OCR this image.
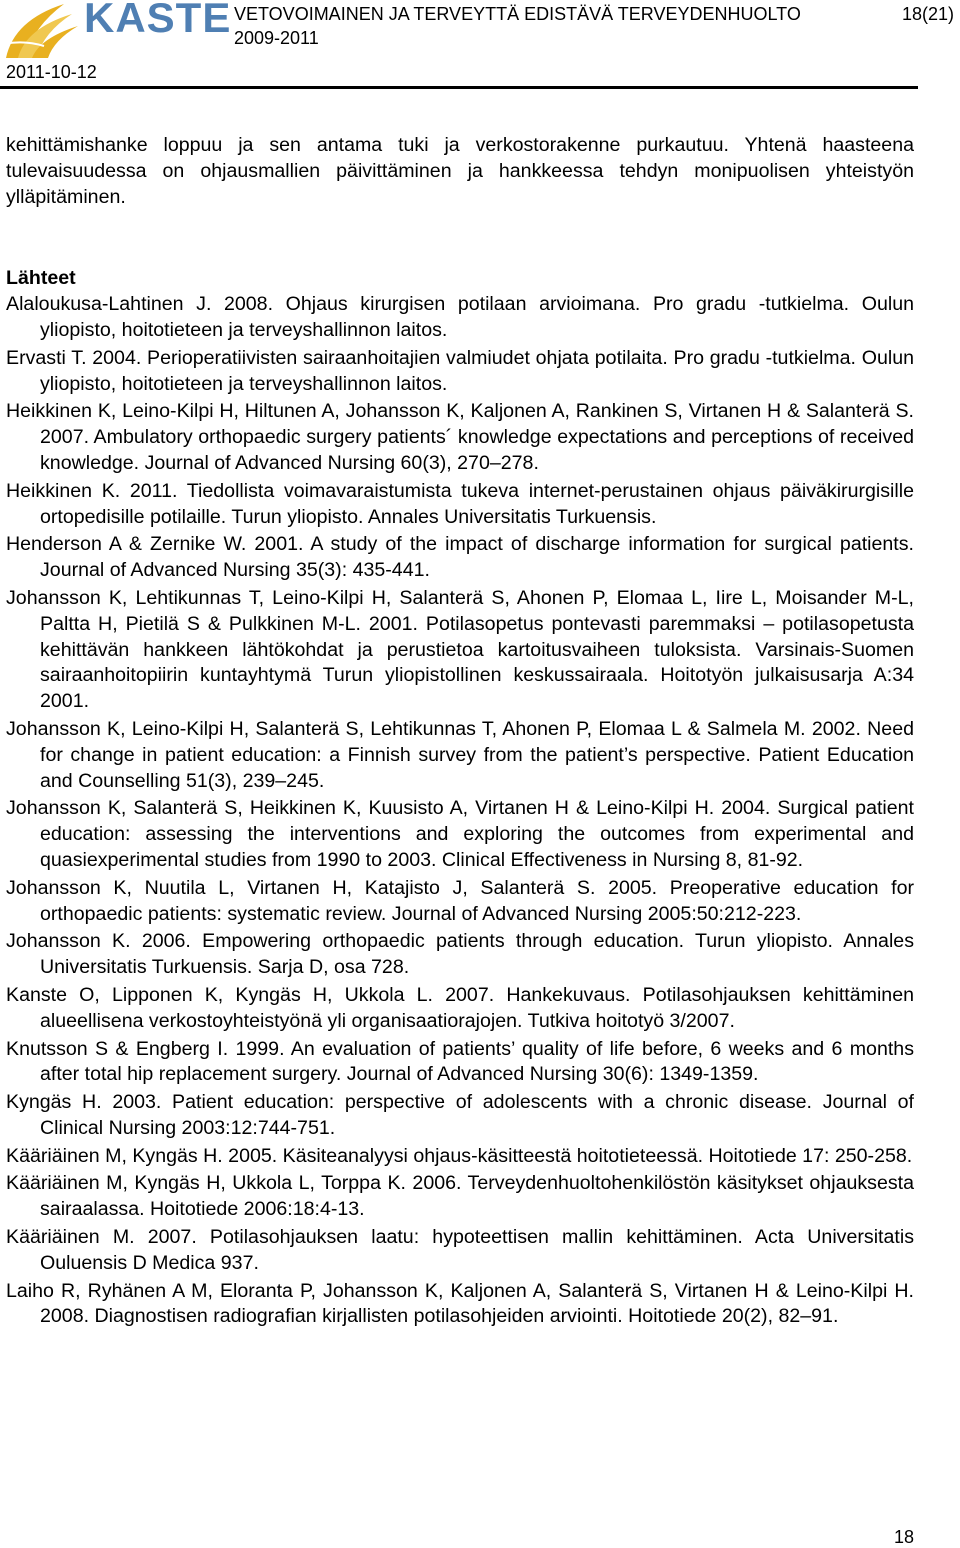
KASTE VETOVOIMAINEN JA TERVEYTTÄ EDISTÄVÄ TERVEYDENHUOLTO
2009-2011
18(21)
2011-10-12

kehittämishanke loppuu ja sen antama tuki ja verkostorakenne purkautuu. Yhtenä haasteena tulevaisuudessa on ohjausmallien päivittäminen ja hankkeessa tehdyn monipuolisen yhteistyön ylläpitäminen.

Lähteet

Alaloukusa-Lahtinen J. 2008. Ohjaus kirurgisen potilaan arvioimana. Pro gradu -tutkielma. Oulun yliopisto, hoitotieteen ja terveyshallinnon laitos.

Ervasti T. 2004. Perioperatiivisten sairaanhoitajien valmiudet ohjata potilaita. Pro gradu -tutkielma. Oulun yliopisto, hoitotieteen ja terveyshallinnon laitos.

Heikkinen K, Leino-Kilpi H, Hiltunen A, Johansson K, Kaljonen A, Rankinen S, Virtanen H & Salanterä S. 2007. Ambulatory orthopaedic surgery patients´ knowledge expectations and perceptions of received knowledge. Journal of Advanced Nursing 60(3), 270–278.

Heikkinen K. 2011. Tiedollista voimavaraistumista tukeva internet-perustainen ohjaus päiväkirurgisille ortopedisille potilaille. Turun yliopisto. Annales Universitatis Turkuensis.

Henderson A & Zernike W. 2001. A study of the impact of discharge information for surgical patients. Journal of Advanced Nursing 35(3): 435-441.

Johansson K, Lehtikunnas T, Leino-Kilpi H, Salanterä S, Ahonen P, Elomaa L, Iire L, Moisander M-L, Paltta H, Pietilä S & Pulkkinen M-L. 2001. Potilasopetus pontevasti paremmaksi – potilasopetusta kehittävän hankkeen lähtökohdat ja perustietoa kartoitusvaiheen tuloksista. Varsinais-Suomen sairaanhoitopiirin kuntayhtymä Turun yliopistollinen keskussairaala. Hoitotyön julkaisusarja A:34 2001.

Johansson K, Leino-Kilpi H, Salanterä S, Lehtikunnas T, Ahonen P, Elomaa L & Salmela M. 2002. Need for change in patient education: a Finnish survey from the patient’s perspective. Patient Education and Counselling 51(3), 239–245.

Johansson K, Salanterä S, Heikkinen K, Kuusisto A, Virtanen H & Leino-Kilpi H. 2004. Surgical patient education: assessing the interventions and exploring the outcomes from experimental and quasiexperimental studies from 1990 to 2003. Clinical Effectiveness in Nursing 8, 81-92.

Johansson K, Nuutila L, Virtanen H, Katajisto J, Salanterä S. 2005. Preoperative education for orthopaedic patients: systematic review. Journal of Advanced Nursing 2005:50:212-223.

Johansson K. 2006. Empowering orthopaedic patients through education. Turun yliopisto. Annales Universitatis Turkuensis. Sarja D, osa 728.

Kanste O, Lipponen K, Kyngäs H, Ukkola L. 2007. Hankekuvaus. Potilasohjauksen kehittäminen alueellisena verkostoyhteistyönä yli organisaatiorajojen. Tutkiva hoitotyö 3/2007.

Knutsson S & Engberg I. 1999. An evaluation of patients’ quality of life before, 6 weeks and 6 months after total hip replacement surgery. Journal of Advanced Nursing 30(6): 1349-1359.

Kyngäs H. 2003. Patient education: perspective of adolescents with a chronic disease. Journal of Clinical Nursing 2003:12:744-751.

Kääriäinen M, Kyngäs H. 2005. Käsiteanalyysi ohjaus-käsitteestä hoitotieteessä. Hoitotiede 17: 250-258.

Kääriäinen M, Kyngäs H, Ukkola L, Torppa K. 2006. Terveydenhuoltohenkilöstön käsitykset ohjauksesta sairaalassa. Hoitotiede 2006:18:4-13.

Kääriäinen M. 2007. Potilasohjauksen laatu: hypoteettisen mallin kehittäminen. Acta Universitatis Ouluensis D Medica 937.

Laiho R, Ryhänen A M, Eloranta P, Johansson K, Kaljonen A, Salanterä S, Virtanen H & Leino-Kilpi H. 2008. Diagnostisen radiografian kirjallisten potilasohjeiden arviointi. Hoitotiede 20(2), 82–91.

18
